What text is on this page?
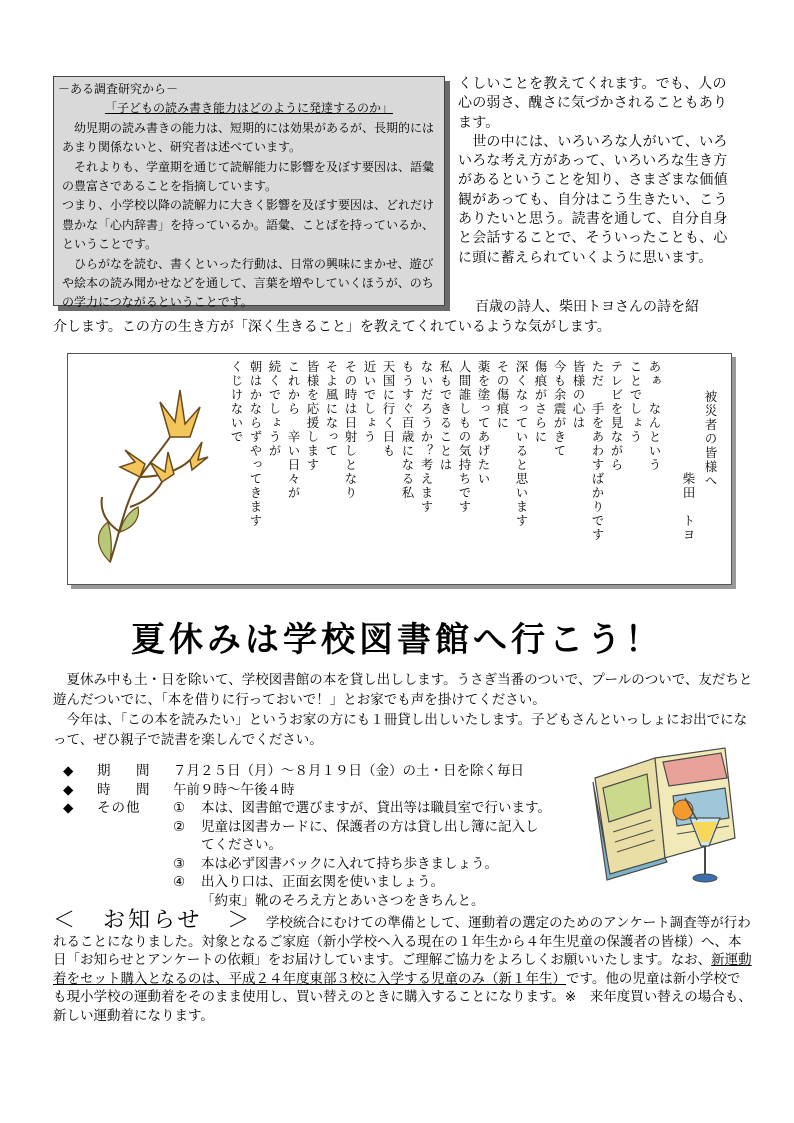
－ある調査研究から－

「子どもの読み書き能力はどのように発達するのか」

　幼児期の読み書きの能力は、短期的には効果があるが、長期的にはあまり関係ないと、研究者は述べています。

　それよりも、学童期を通じて読解能力に影響を及ぼす要因は、語彙の豊富さであることを指摘しています。

つまり、小学校以降の読解力に大きく影響を及ぼす要因は、どれだけ豊かな「心内辞書」を持っているか。語彙、ことばを持っているか、ということです。

　ひらがなを読む、書くといった行動は、日常の興味にまかせ、遊びや絵本の読み聞かせなどを通して、言葉を増やしていくほうが、のちの学力につながるということです。

くしいことを教えてくれます。でも、人の心の弱さ、醜さに気づかされることもあります。

　世の中には、いろいろな人がいて、いろいろな考え方があって、いろいろな生き方があるということを知り、さまざまな価値観があっても、自分はこう生きたい、こうありたいと思う。読書を通して、自分自身と会話することで、そういったことも、心に頭に蓄えられていくように思います。

百歳の詩人、柴田トヨさんの詩を紹

介します。この方の生き方が「深く生きること」を教えてくれているような気がします。

被災者の皆様へ
柴田　トヨ
あぁ　なんという
ことでしょう
テレビを見ながら
ただ　手をあわすばかりです
皆様の心は
今も余震がきて
傷痕がさらに
深くなっていると思います
その傷痕に
薬を塗ってあげたい
人間誰しもの気持ちです
私もできることは
ないだろうか？考えます
もうすぐ百歳になる私
天国に行く日も
近いでしょう
その時は日射しとなり
そよ風になって
皆様を応援します
これから　辛い日々が
続くでしょうが
朝はかならずやってきます
くじけないで
夏休みは学校図書館へ行こう！

　夏休み中も土・日を除いて、学校図書館の本を貸し出しします。うさぎ当番のついで、プールのついで、友だちと遊んだついでに、「本を借りに行っておいで！」とお家でも声を掛けてください。

　今年は、「この本を読みたい」というお家の方にも１冊貸し出しいたします。子どもさんといっしょにお出でになって、ぜひ親子で読書を楽しんでください。

◆ 期　間 ７月２５日（月）～８月１９日（金）の土・日を除く毎日
◆ 時　間 午前９時～午後４時
◆ その他 ① 本は、図書館で選びますが、貸出等は職員室で行います。
② 児童は図書カードに、保護者の方は貸し出し簿に記入し
てください。
③ 本は必ず図書バックに入れて持ち歩きましょう。
④ 出入り口は、正面玄関を使いましょう。
「約束」靴のそろえ方とあいさつをきちんと。

＜　お知らせ　＞　学校統合にむけての準備として、運動着の選定のためのアンケート調査等が行われることになりました。対象となるご家庭（新小学校へ入る現在の１年生から４年生児童の保護者の皆様）へ、本日「お知らせとアンケートの依頼」をお届けしています。ご理解ご協力をよろしくお願いいたします。なお、新運動着をセット購入となるのは、平成２４年度東部３校に入学する児童のみ（新１年生）です。他の児童は新小学校でも現小学校の運動着をそのまま使用し、買い替えのときに購入することになります。※　来年度買い替えの場合も、新しい運動着になります。
